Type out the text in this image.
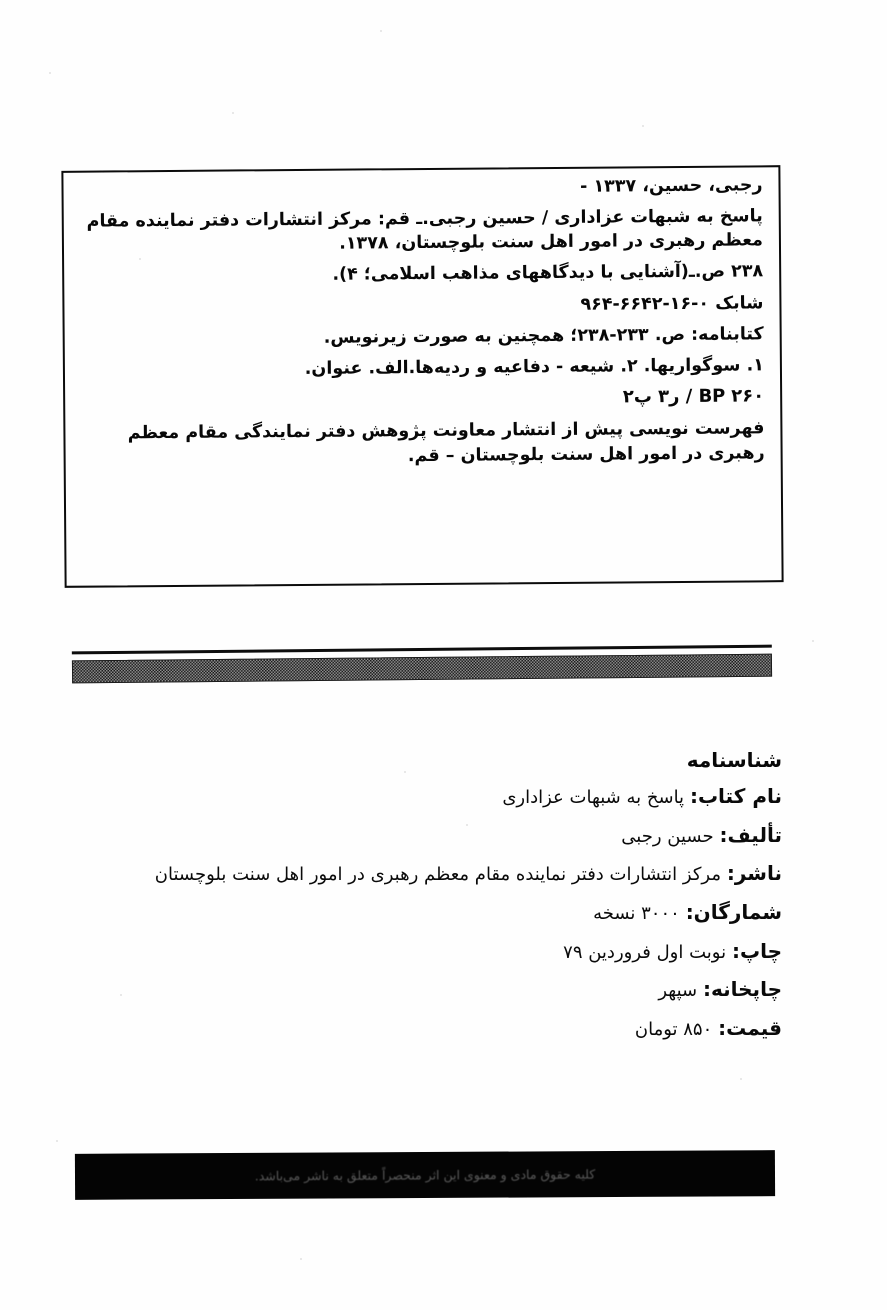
رجبی، حسین، ۱۳۳۷ -

پاسخ به شبهات عزاداری / حسین رجبی.ـ قم: مرکز انتشارات دفتر نماینده مقام معظم رهبری در امور اهل سنت بلوچستان، ۱۳۷۸.

۲۳۸ ص.ـ(آشنایی با دیدگاههای مذاهب اسلامی؛ ۴).

شابک ۰-۱۶-۶۶۴۲-۹۶۴

کتابنامه: ص. ۲۳۳-۲۳۸؛ همچنین به صورت زیرنویس.

۱. سوگواریها. ۲. شیعه - دفاعیه و ردیه‌ها.الف. عنوان.

BP ۲۶۰ / ر۳ پ۲

فهرست نویسی پیش از انتشار معاونت پژوهش دفتر نمایندگی مقام معظم رهبری در امور اهل سنت بلوچستان – قم.

شناسنامه
نام کتاب: پاسخ به شبهات عزاداری
تألیف: حسین رجبی
ناشر: مرکز انتشارات دفتر نمایندە مقام معظم رهبری در امور اهل سنت بلوچستان
شمارگان: ۳۰۰۰ نسخه
چاپ: نوبت اول فروردین ۷۹
چاپخانه: سپهر
قیمت: ۸۵۰ تومان
کلیه حقوق مادی و معنوی این اثر منحصراً متعلق به ناشر می‌باشد.
